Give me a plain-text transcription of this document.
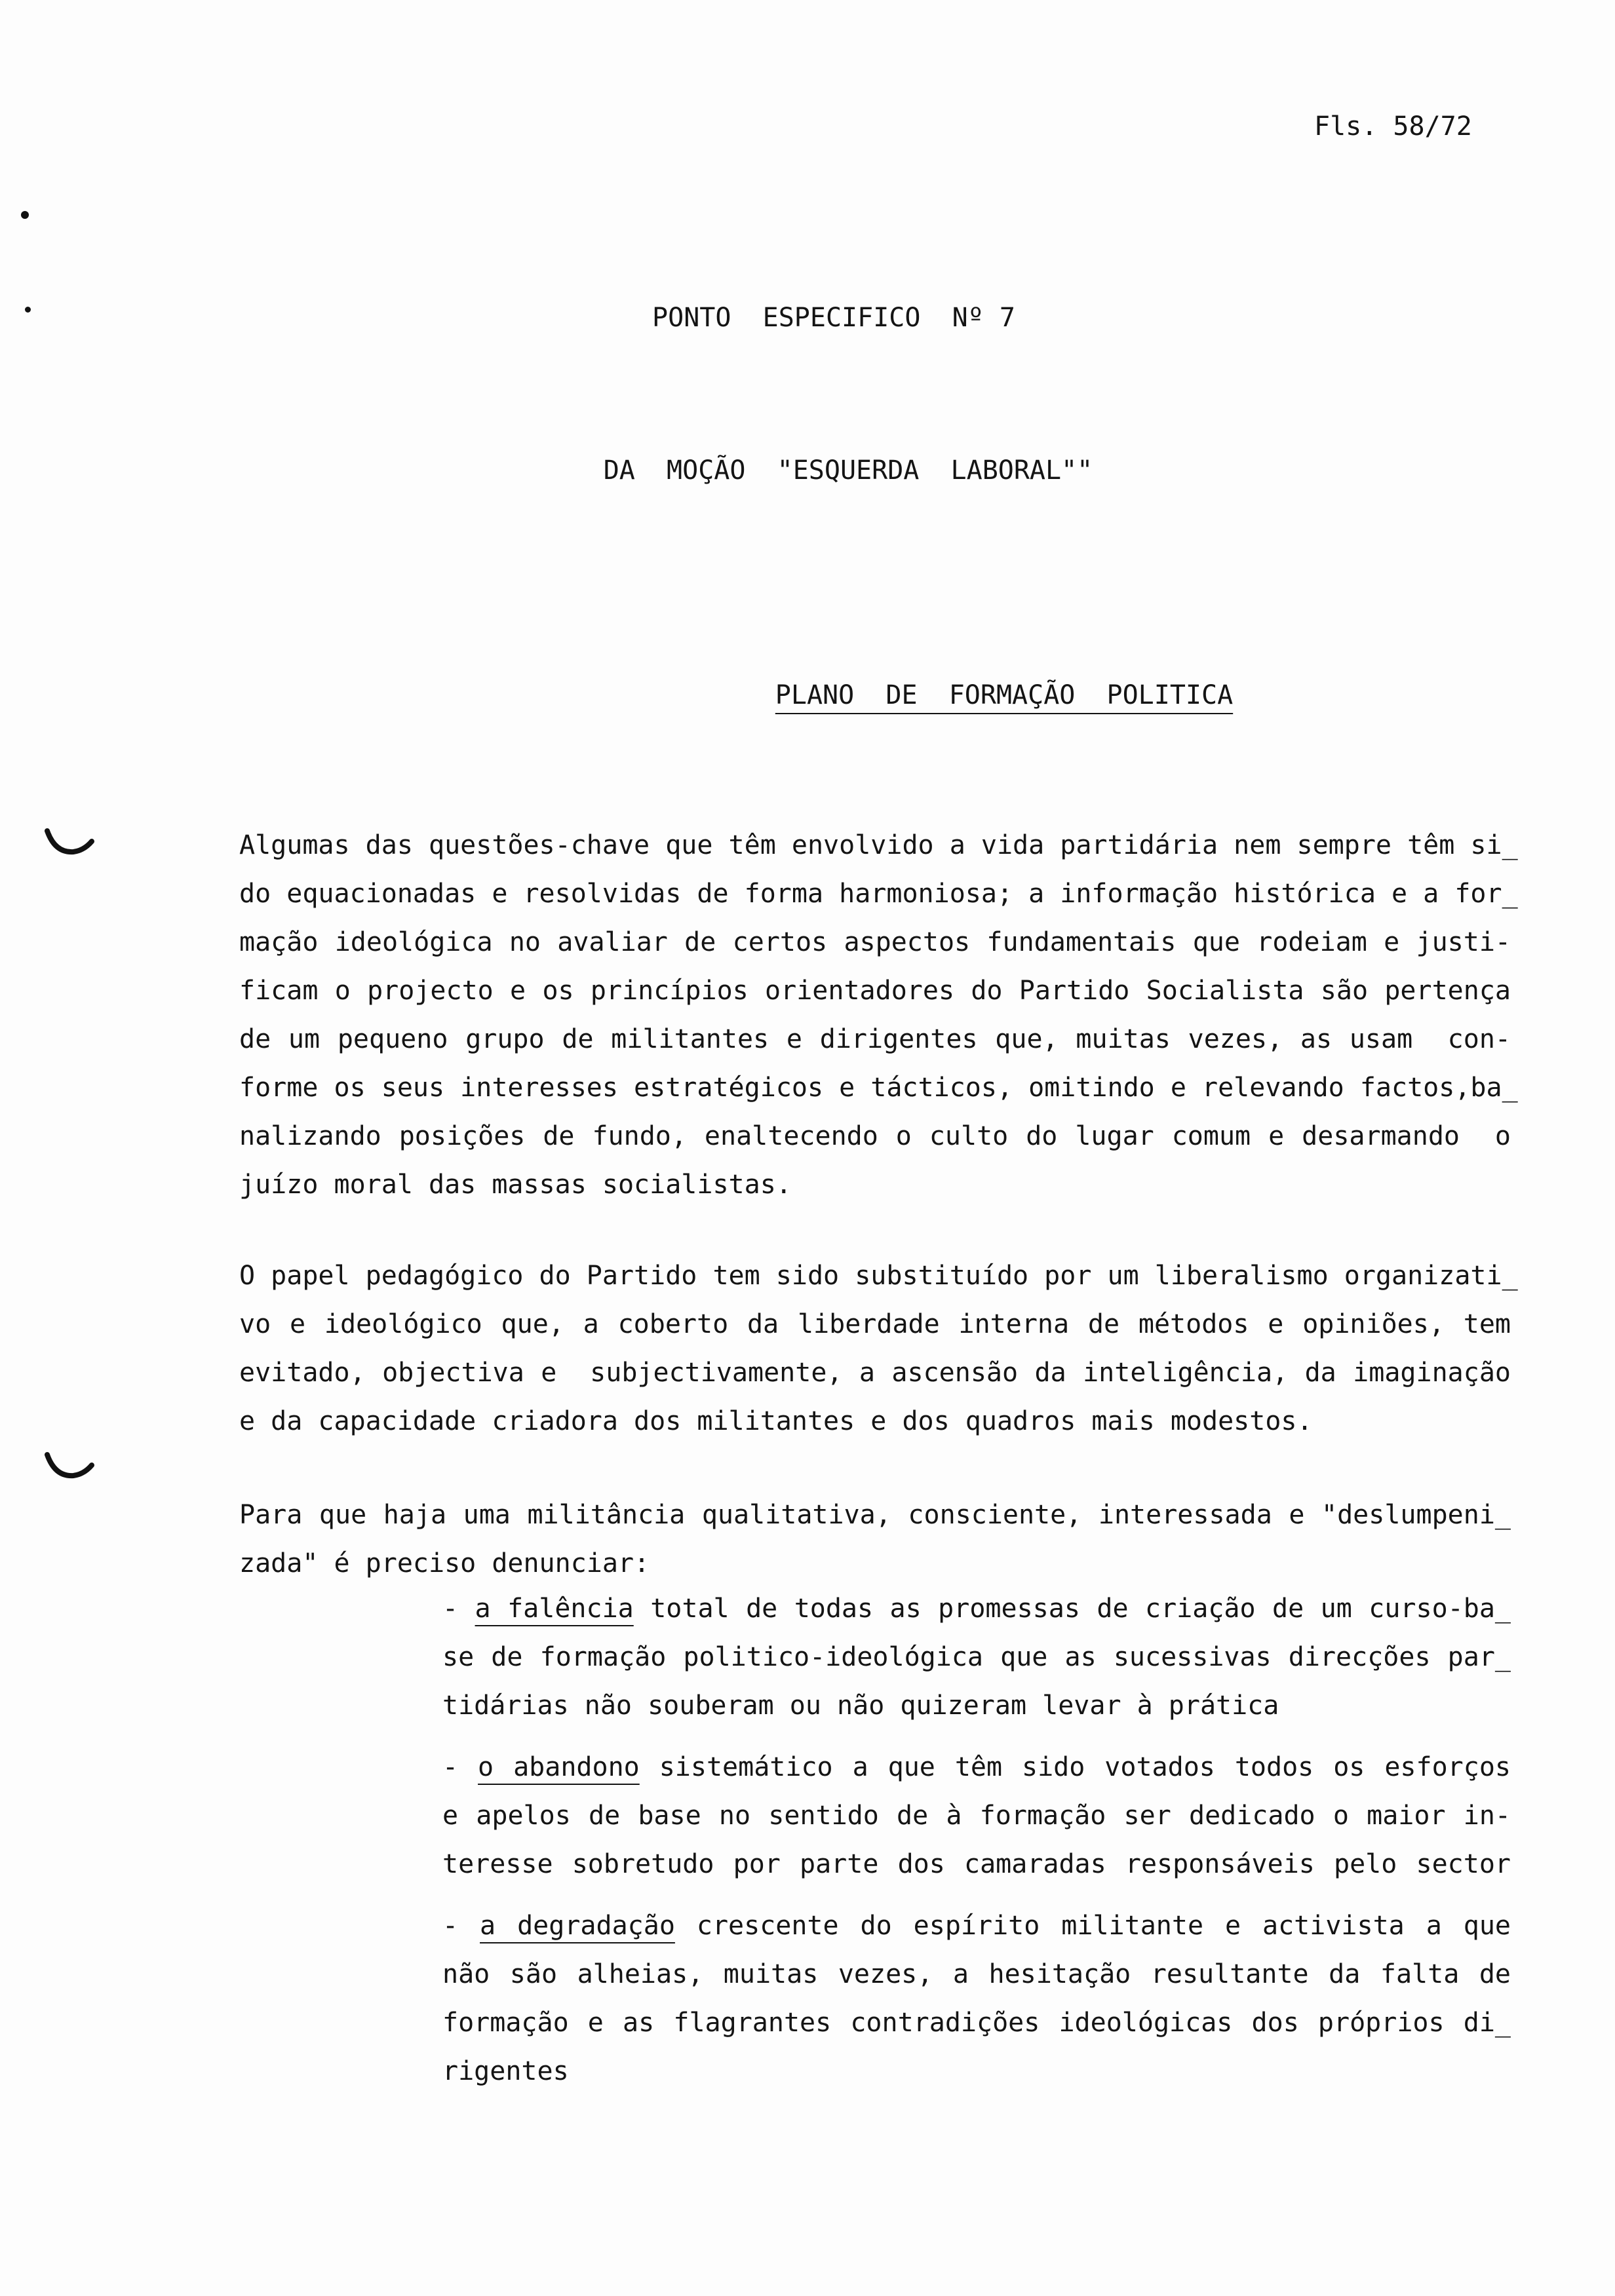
Fls. 58/72
PONTO  ESPECIFICO  Nº 7
DA  MOÇÃO  "ESQUERDA  LABORAL""
PLANO  DE  FORMAÇÃO  POLITICA
Algumas das questões-chave que têm envolvido a vida partidária nem sempre têm si_
do equacionadas e resolvidas de forma harmoniosa; a informação histórica e a for_
mação ideológica no avaliar de certos aspectos fundamentais que rodeiam e justi-
ficam o projecto e os princípios orientadores do Partido Socialista são pertença
de um pequeno grupo de militantes e dirigentes que, muitas vezes, as usam  con-
forme os seus interesses estratégicos e tácticos, omitindo e relevando factos,ba_
nalizando posições de fundo, enaltecendo o culto do lugar comum e desarmando  o
juízo moral das massas socialistas.
O papel pedagógico do Partido tem sido substituído por um liberalismo organizati_
vo e ideológico que, a coberto da liberdade interna de métodos e opiniões, tem
evitado, objectiva e  subjectivamente, a ascensão da inteligência, da imaginação
e da capacidade criadora dos militantes e dos quadros mais modestos.
Para que haja uma militância qualitativa, consciente, interessada e "deslumpeni_
zada" é preciso denunciar:
- a falência total de todas as promessas de criação de um curso-ba_
se de formação politico-ideológica que as sucessivas direcções par_
tidárias não souberam ou não quizeram levar à prática
- o abandono sistemático a que têm sido votados todos os esforços
e apelos de base no sentido de à formação ser dedicado o maior in-
teresse sobretudo por parte dos camaradas responsáveis pelo sector
- a degradação crescente do espírito militante e activista a que
não são alheias, muitas vezes, a hesitação resultante da falta de
formação e as flagrantes contradições ideológicas dos próprios di_
rigentes
